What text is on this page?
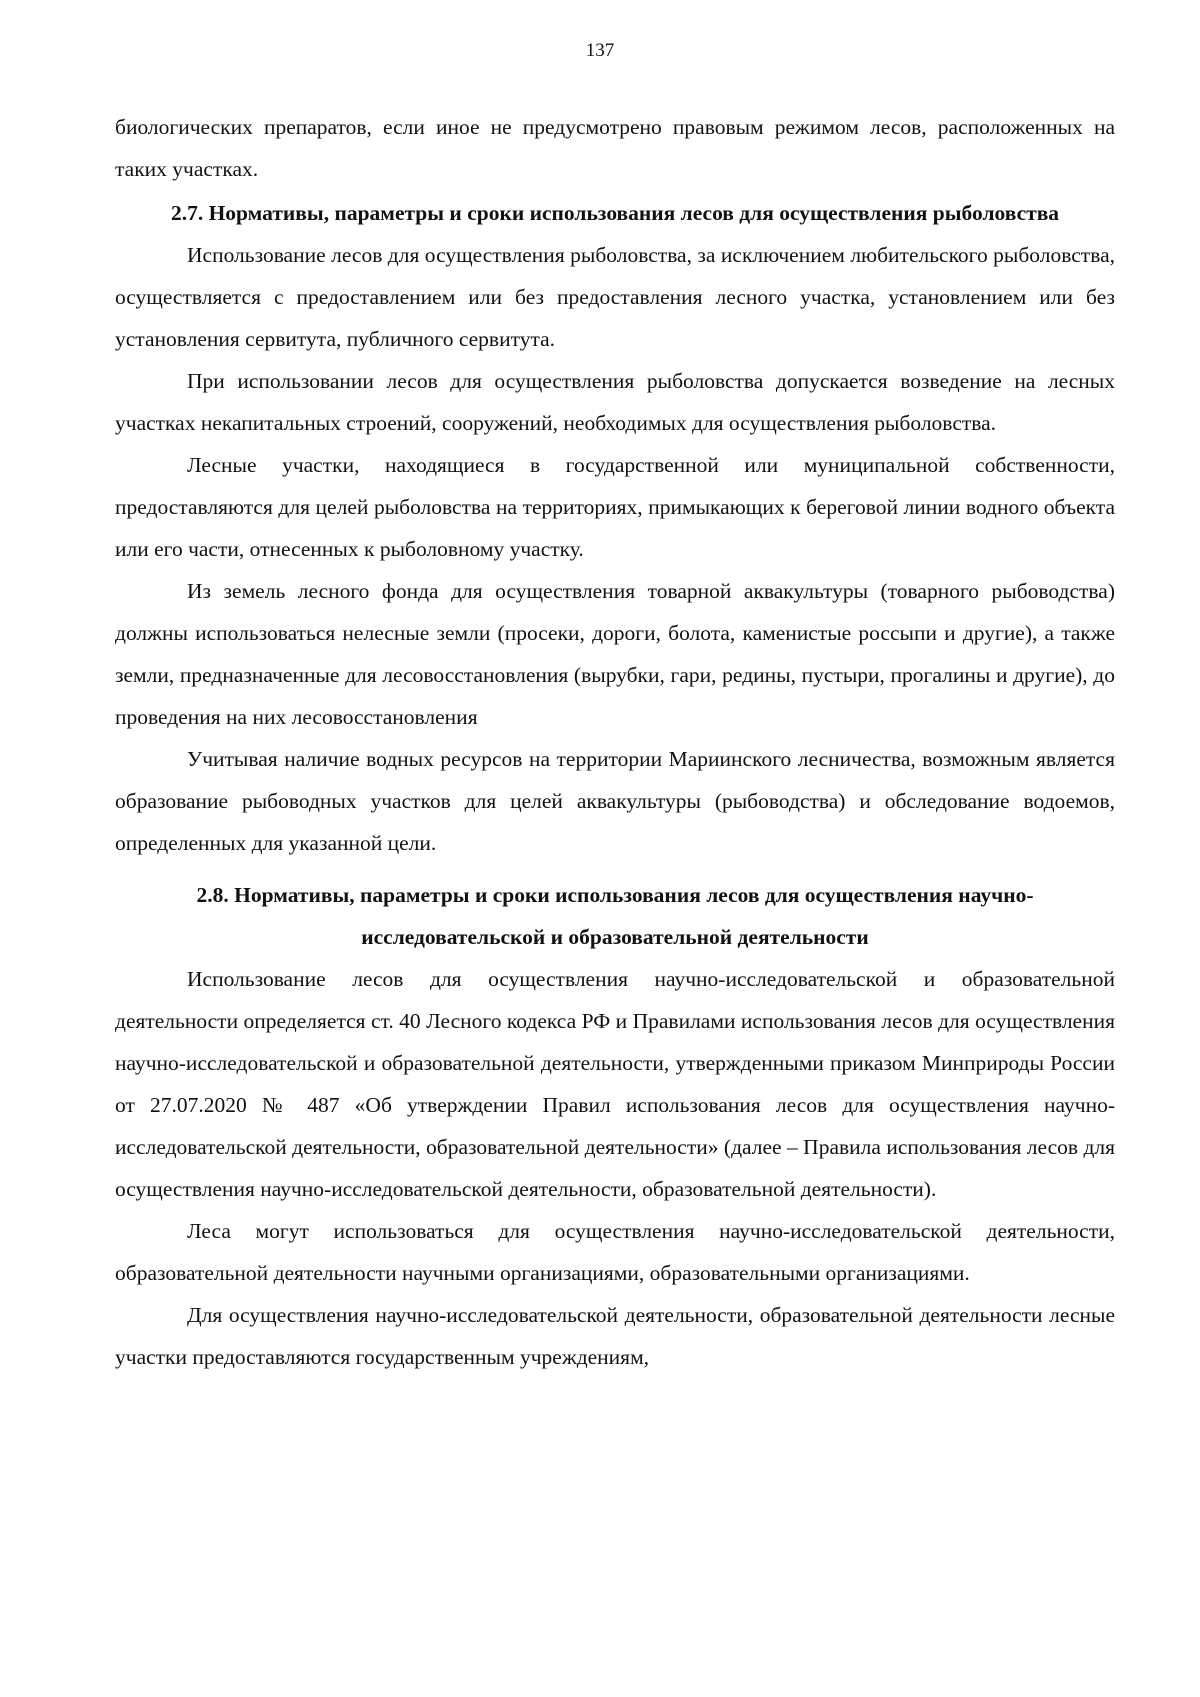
137

биологических препаратов, если иное не предусмотрено правовым режимом лесов, расположенных на таких участках.

2.7. Нормативы, параметры и сроки использования лесов для осуществления рыболовства

Использование лесов для осуществления рыболовства, за исключением любительского рыболовства, осуществляется с предоставлением или без предоставления лесного участка, установлением или без установления сервитута, публичного сервитута.

При использовании лесов для осуществления рыболовства допускается возведение на лесных участках некапитальных строений, сооружений, необходимых для осуществления рыболовства.

Лесные участки, находящиеся в государственной или муниципальной собственности, предоставляются для целей рыболовства на территориях, примыкающих к береговой линии водного объекта или его части, отнесенных к рыболовному участку.

Из земель лесного фонда для осуществления товарной аквакультуры (товарного рыбоводства) должны использоваться нелесные земли (просеки, дороги, болота, каменистые россыпи и другие), а также земли, предназначенные для лесовосстановления (вырубки, гари, редины, пустыри, прогалины и другие), до проведения на них лесовосстановления

Учитывая наличие водных ресурсов на территории Мариинского лесничества, возможным является образование рыбоводных участков для целей аквакультуры (рыбоводства) и обследование водоемов, определенных для указанной цели.

2.8. Нормативы, параметры и сроки использования лесов для осуществления научно-исследовательской и образовательной деятельности

Использование лесов для осуществления научно-исследовательской и образовательной деятельности определяется ст. 40 Лесного кодекса РФ и Правилами использования лесов для осуществления научно-исследовательской и образовательной деятельности, утвержденными приказом Минприроды России от 27.07.2020 № 487 «Об утверждении Правил использования лесов для осуществления научно-исследовательской деятельности, образовательной деятельности» (далее – Правила использования лесов для осуществления научно-исследовательской деятельности, образовательной деятельности).

Леса могут использоваться для осуществления научно-исследовательской деятельности, образовательной деятельности научными организациями, образовательными организациями.

Для осуществления научно-исследовательской деятельности, образовательной деятельности лесные участки предоставляются государственным учреждениям,
